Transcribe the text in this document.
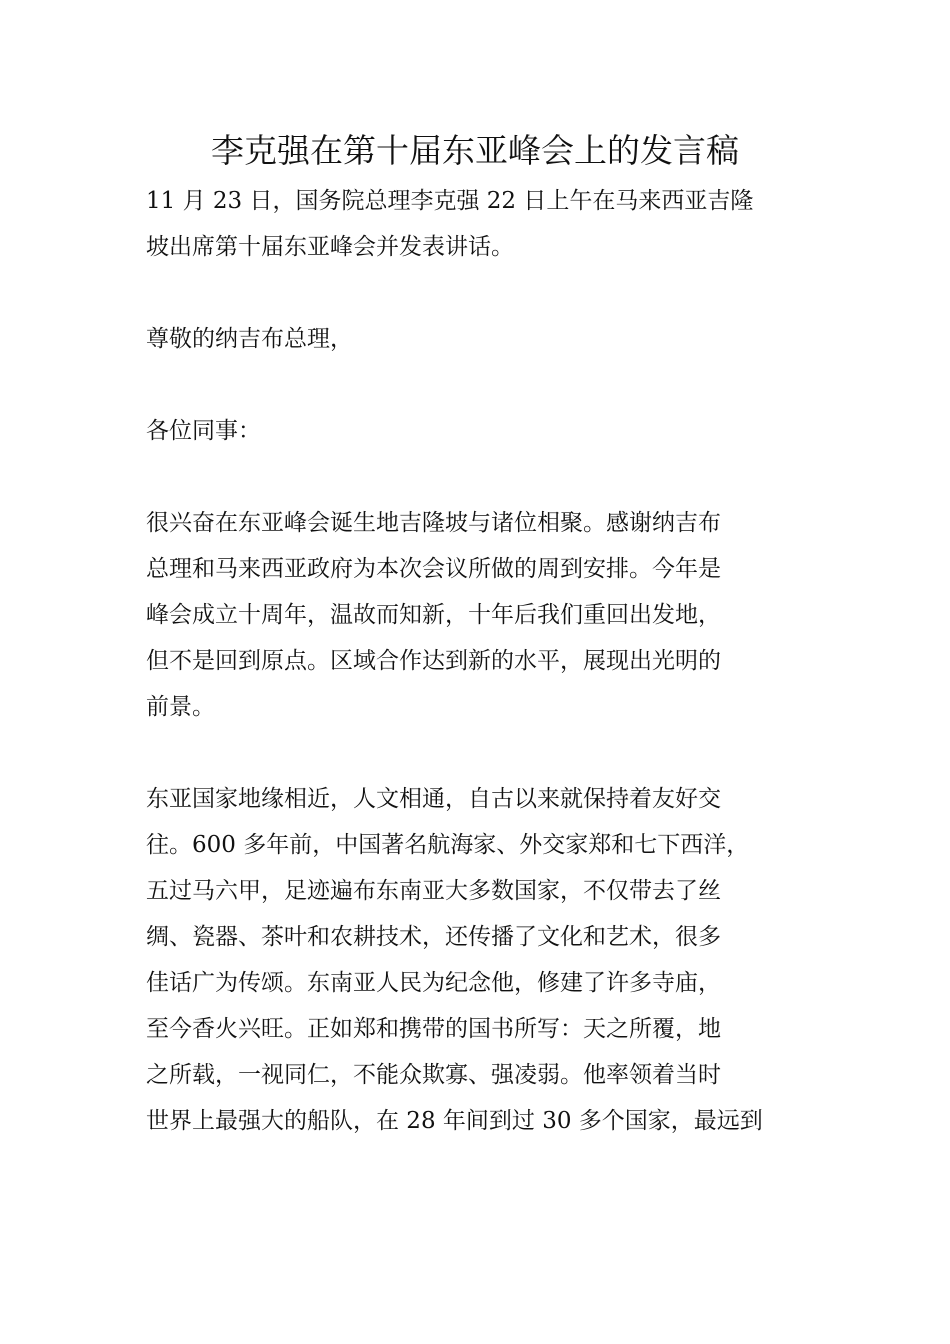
李克强在第十届东亚峰会上的发言稿

11 月 23 日，国务院总理李克强 22 日上午在马来西亚吉隆
坡出席第十届东亚峰会并发表讲话。

尊敬的纳吉布总理，

各位同事：

很兴奋在东亚峰会诞生地吉隆坡与诸位相聚。感谢纳吉布
总理和马来西亚政府为本次会议所做的周到安排。今年是
峰会成立十周年，温故而知新，十年后我们重回出发地，
但不是回到原点。区域合作达到新的水平，展现出光明的
前景。

东亚国家地缘相近，人文相通，自古以来就保持着友好交
往。600 多年前，中国著名航海家、外交家郑和七下西洋，
五过马六甲，足迹遍布东南亚大多数国家，不仅带去了丝
绸、瓷器、茶叶和农耕技术，还传播了文化和艺术，很多
佳话广为传颂。东南亚人民为纪念他，修建了许多寺庙，
至今香火兴旺。正如郑和携带的国书所写：天之所覆，地
之所载，一视同仁，不能众欺寡、强凌弱。他率领着当时
世界上最强大的船队，在 28 年间到过 30 多个国家，最远到
